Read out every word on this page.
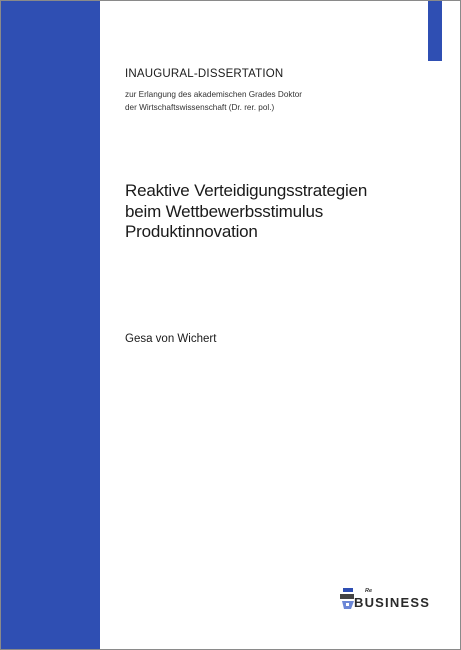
INAUGURAL-DISSERTATION
zur Erlangung des akademischen Grades Doktor
der Wirtschaftswissenschaft (Dr. rer. pol.)
Reaktive Verteidigungsstrategien
beim Wettbewerbsstimulus
Produktinnovation
Gesa von Wichert
Re
BUSINESS
